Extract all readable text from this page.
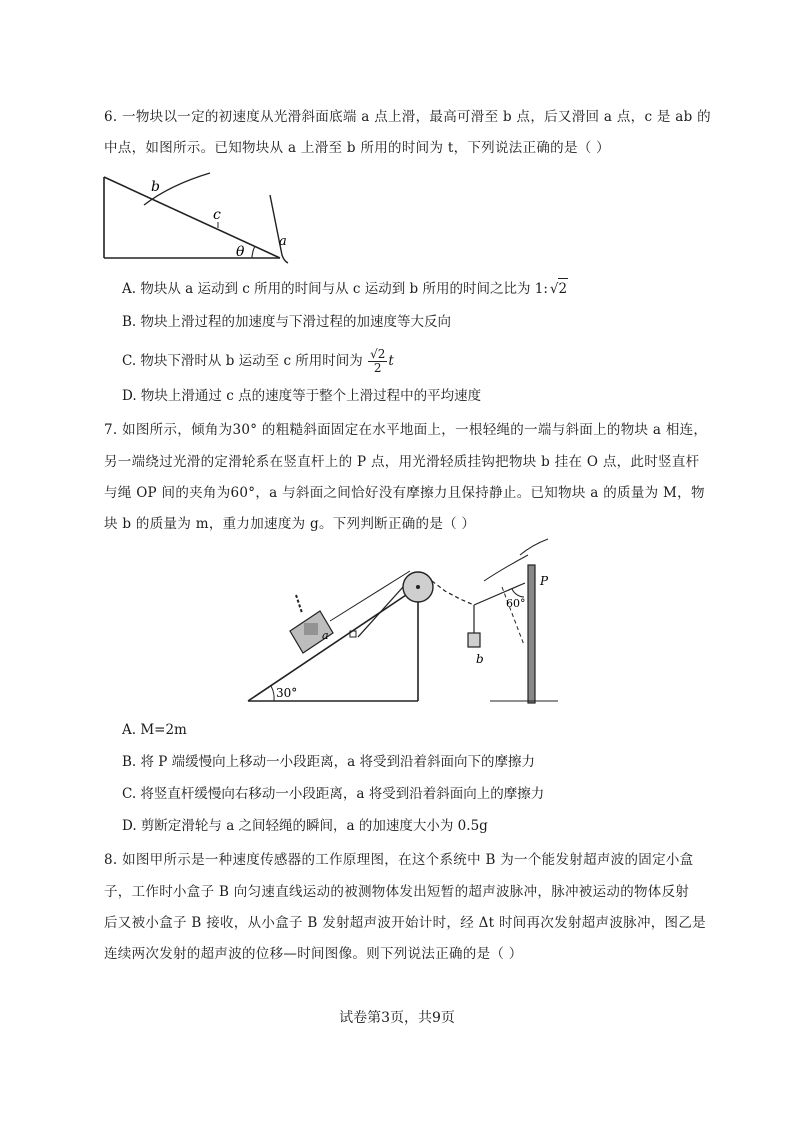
6. 一物块以一定的初速度从光滑斜面底端 a 点上滑，最高可滑至 b 点，后又滑回 a 点，c 是 ab 的
中点，如图所示。已知物块从 a 上滑至 b 所用的时间为 t，下列说法正确的是（ ）
b
c
θ
a
A. 物块从 a 运动到 c 所用的时间与从 c 运动到 b 所用的时间之比为 1: √2
B. 物块上滑过程的加速度与下滑过程的加速度等大反向
C. 物块下滑时从 b 运动至 c 所用时间为 $\frac{√2}{2}$ t
D. 物块上滑通过 c 点的速度等于整个上滑过程中的平均速度
7. 如图所示，倾角为30° 的粗糙斜面固定在水平地面上，一根轻绳的一端与斜面上的物块 a 相连，
另一端绕过光滑的定滑轮系在竖直杆上的 P 点，用光滑轻质挂钩把物块 b 挂在 O 点，此时竖直杆
与绳 OP 间的夹角为60°，a 与斜面之间恰好没有摩擦力且保持静止。已知物块 a 的质量为 M，物
块 b 的质量为 m，重力加速度为 g。下列判断正确的是（ ）
30°
a
b
P
60°
A. M=2m
B. 将 P 端缓慢向上移动一小段距离，a 将受到沿着斜面向下的摩擦力
C. 将竖直杆缓慢向右移动一小段距离，a 将受到沿着斜面向上的摩擦力
D. 剪断定滑轮与 a 之间轻绳的瞬间，a 的加速度大小为 0.5g
8. 如图甲所示是一种速度传感器的工作原理图，在这个系统中 B 为一个能发射超声波的固定小盒
子，工作时小盒子 B 向匀速直线运动的被测物体发出短暂的超声波脉冲，脉冲被运动的物体反射
后又被小盒子 B 接收，从小盒子 B 发射超声波开始计时，经 Δt 时间再次发射超声波脉冲，图乙是
连续两次发射的超声波的位移—时间图像。则下列说法正确的是（ ）
试卷第3页，共9页
